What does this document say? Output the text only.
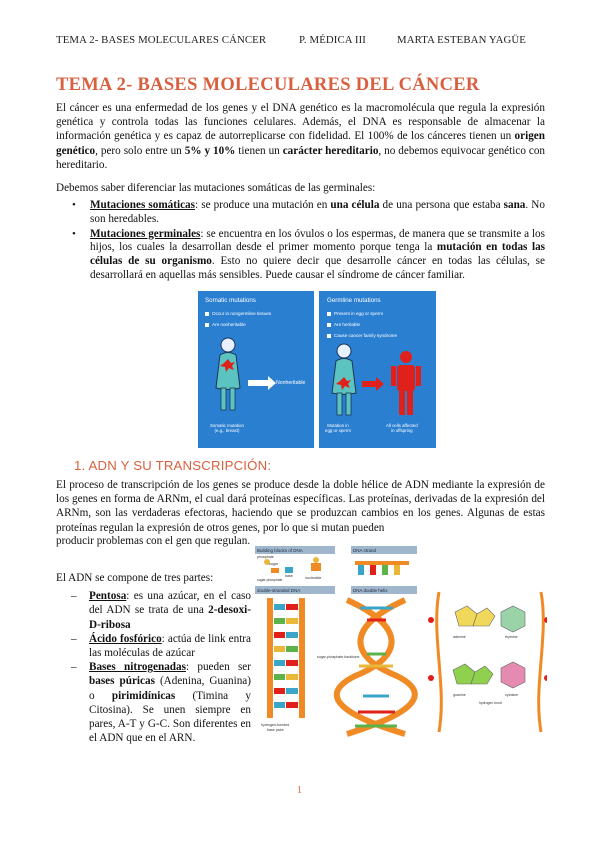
TEMA 2- BASES MOLECULARES CÁNCER	P. MÉDICA III	MARTA ESTEBAN YAGÜE
TEMA 2- BASES MOLECULARES DEL CÁNCER

El cáncer es una enfermedad de los genes y el DNA genético es la macromolécula que regula la expresión genética y controla todas las funciones celulares. Además, el DNA es responsable de almacenar la información genética y es capaz de autorreplicarse con fidelidad. El 100% de los cánceres tienen un origen genético, pero solo entre un 5% y 10% tienen un carácter hereditario, no debemos equivocar genético con hereditario.

Debemos saber diferenciar las mutaciones somáticas de las germinales:

• Mutaciones somáticas: se produce una mutación en una célula de una persona que estaba sana. No son heredables.
• Mutaciones germinales: se encuentra en los óvulos o los espermas, de manera que se transmite a los hijos, los cuales la desarrollan desde el primer momento porque tenga la mutación en todas las células de su organismo. Esto no quiere decir que desarrolle cáncer en todas las células, se desarrollará en aquellas más sensibles. Puede causar el síndrome de cáncer familiar.
Somatic mutations
Occur in nongermline tissues
Are nonheritable
Nonheritable
Somatic mutation
(e.g., breast)
Germline mutations
Present in egg or sperm
Are heritable
Cause cancer family syndrome
Mutation in
egg or sperm
All cells affected
in offspring
1. ADN Y SU TRANSCRIPCIÓN:

El proceso de transcripción de los genes se produce desde la doble hélice de ADN mediante la expresión de los genes en forma de ARNm, el cual dará proteínas específicas. Las proteínas, derivadas de la expresión del ARNm, son las verdaderas efectoras, haciendo que se produzcan cambios en los genes. Algunas de estas proteínas regulan la expresión de otros genes, por lo que si mutan pueden

producir problemas con el gen que regulan.

El ADN se compone de tres partes:

– Pentosa: es una azúcar, en el caso del ADN se trata de una 2-desoxi-D-ribosa
– Ácido fosfórico: actúa de link entra las moléculas de azúcar
– Bases nitrogenadas: pueden ser bases púricas (Adenina, Guanina) o pirimidínicas (Timina y Citosina). Se unen siempre en pares, A-T y G-C. Son diferentes en el ADN que en el ARN.
Building blocks of DNA	DNA strand
phosphate
sugar
base
sugar-phosphate	nucleotide
double-stranded DNA	DNA double helix
hydrogen-bonded
base pairs
sugar-phosphate backbone
adenine	thymine
guanine	cytosine
hydrogen bond
1
